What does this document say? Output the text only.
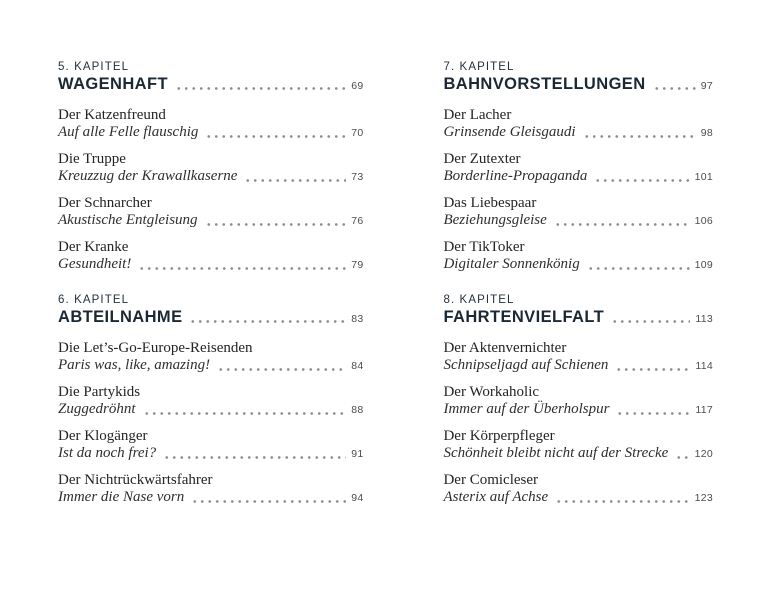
5. KAPITEL
WAGENHAFT	69
Der Katzenfreund
Auf alle Felle flauschig	70
Die Truppe
Kreuzzug der Krawallkaserne	73
Der Schnarcher
Akustische Entgleisung	76
Der Kranke
Gesundheit!	79
6. KAPITEL
ABTEILNAHME	83
Die Let’s-Go-Europe-Reisenden
Paris was, like, amazing!	84
Die Partykids
Zuggedröhnt	88
Der Klogänger
Ist da noch frei?	91
Der Nichtrückwärtsfahrer
Immer die Nase vorn	94
7. KAPITEL
BAHNVORSTELLUNGEN	97
Der Lacher
Grinsende Gleisgaudi	98
Der Zutexter
Borderline-Propaganda	101
Das Liebespaar
Beziehungsgleise	106
Der TikToker
Digitaler Sonnenkönig	109
8. KAPITEL
FAHRTENVIELFALT	113
Der Aktenvernichter
Schnipseljagd auf Schienen	114
Der Workaholic
Immer auf der Überholspur	117
Der Körperpfleger
Schönheit bleibt nicht auf der Strecke	120
Der Comicleser
Asterix auf Achse	123
